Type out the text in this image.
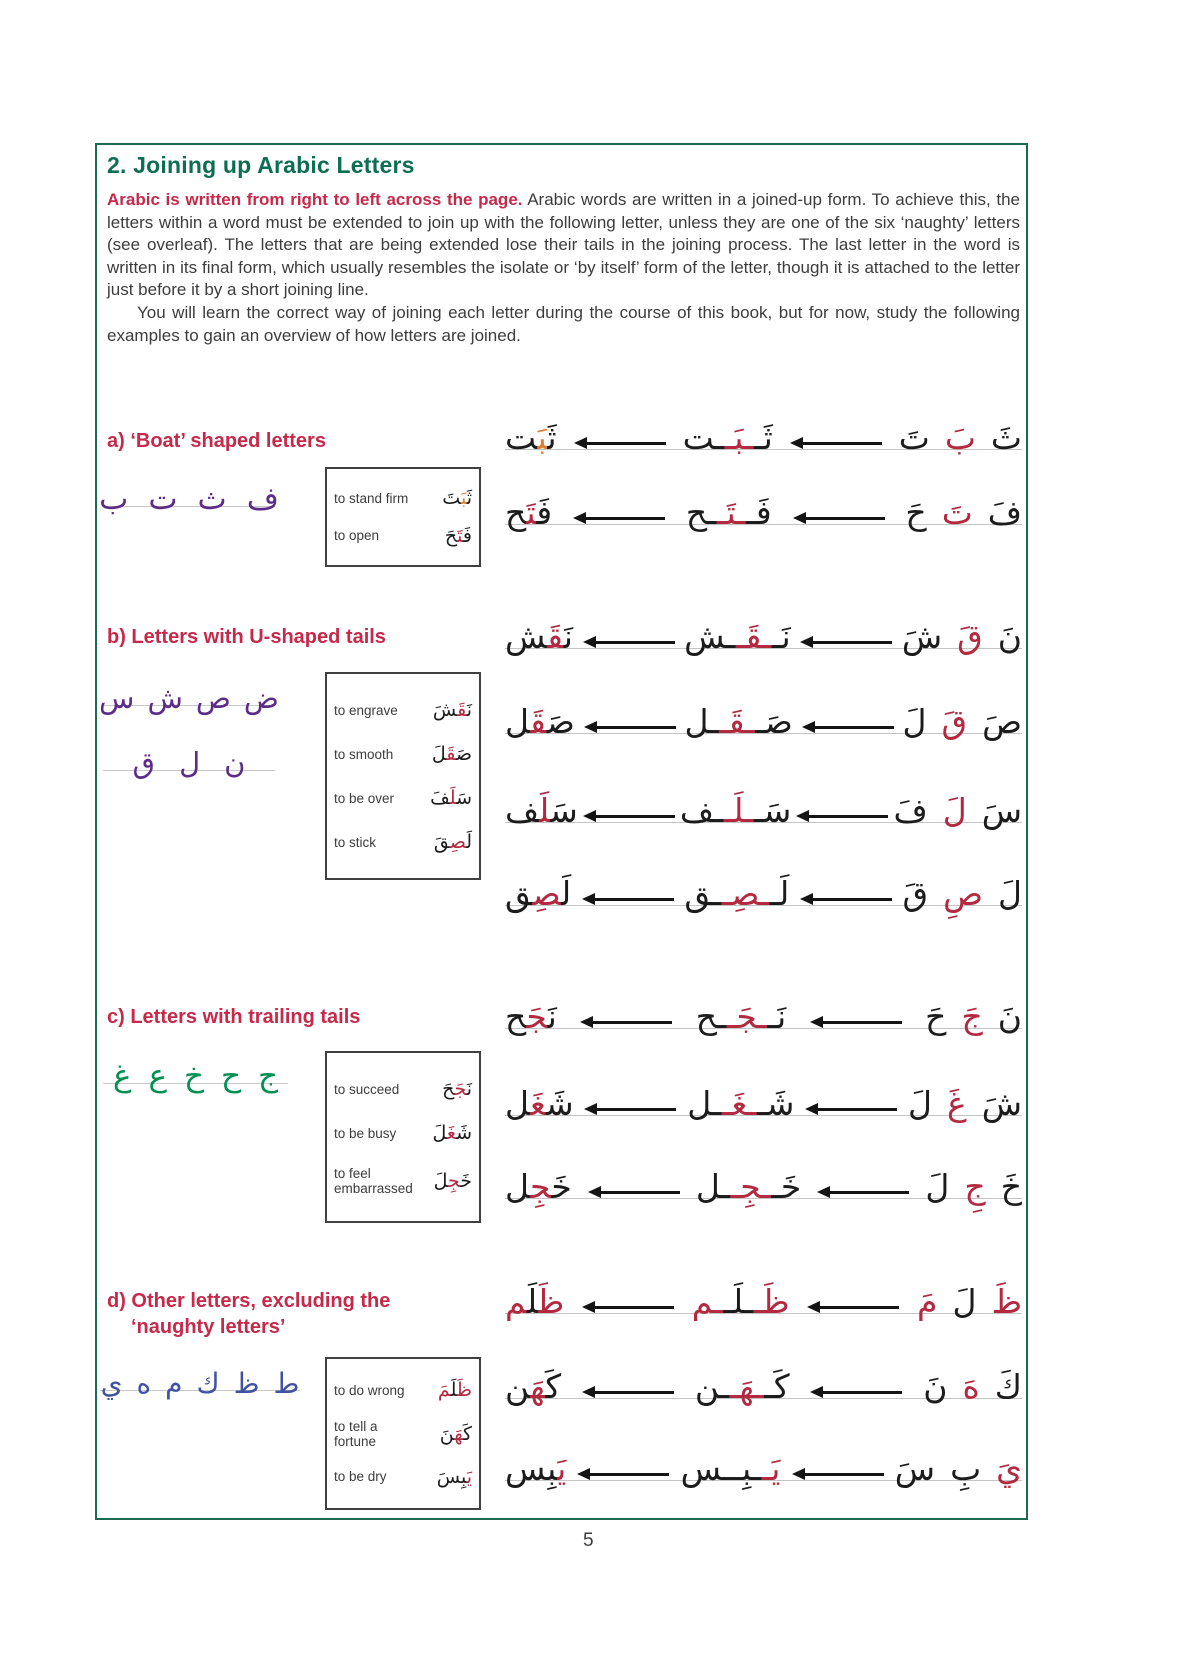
2. Joining up Arabic Letters

Arabic is written from right to left across the page. Arabic words are written in a joined-up form. To achieve this, the letters within a word must be extended to join up with the following letter, unless they are one of the six ‘naughty’ letters (see overleaf). The letters that are being extended lose their tails in the joining process. The last letter in the word is written in its final form, which usually resembles the isolate or ‘by itself’ form of the letter, though it is attached to the letter just before it by a short joining line.

You will learn the correct way of joining each letter during the course of this book, but for now, study the following examples to gain an overview of how letters are joined.

a) ‘Boat’ shaped letters
ب ت ث ف	to stand firm	ثَ‍‍بَ‍‍تَ
to open	فَ‍‍تَ‍‍حَ
b) Letters with U-shaped tails
س ش ص ض
ق ل ن
to engrave	نَ‍‍قَ‍‍شَ
to smooth	صَ‍‍قَ‍‍لَ
to be over	سَ‍‍لَ‍‍فَ
to stick	لَ‍‍صِ‍‍قَ
c) Letters with trailing tails
غ ع خ ح ج	to succeed	نَ‍‍جَ‍‍حَ
to be busy	شَ‍‍غَ‍‍لَ
to feel embarrassed	خَ‍‍جِ‍‍لَ
d) Other letters, excluding the
‘naughty letters’
ي ه م ك ظ ط	to do wrong	ظَ‍‍لَ‍‍مَ
to tell a fortune	كَ‍‍هَ‍‍نَ
to be dry	يَ‍‍بِ‍‍سَ
ثَ
بَ
تَ
ثَــبَــت
ثَ‍‍بَ‍‍ت
فَ
تَ
حَ
فَــتَــح
فَ‍‍تَ‍‍ح
نَ
قَ
شَ
نَــقَــش
نَ‍‍قَ‍‍ش
صَ
قَ
لَ
صَــقَــل
صَ‍‍قَ‍‍ل
سَ
لَ
فَ
سَــلَــف
سَ‍‍لَ‍‍ف
لَ
صِ
قَ
لَــصِــق
لَ‍‍صِ‍‍ق
نَ
جَ
حَ
نَــجَــح
نَ‍‍جَ‍‍ح
شَ
غَ
لَ
شَــغَــل
شَ‍‍غَ‍‍ل
خَ
جِ
لَ
خَــجِــل
خَ‍‍جِ‍‍ل
ظَ
لَ
مَ
ظَــلَــم
ظَ‍‍لَ‍‍م
كَ
هَ
نَ
كَــهَــن
كَ‍‍هَ‍‍ن
يَ
بِ
سَ
يَــبِــس
يَ‍‍بِ‍‍س
5
